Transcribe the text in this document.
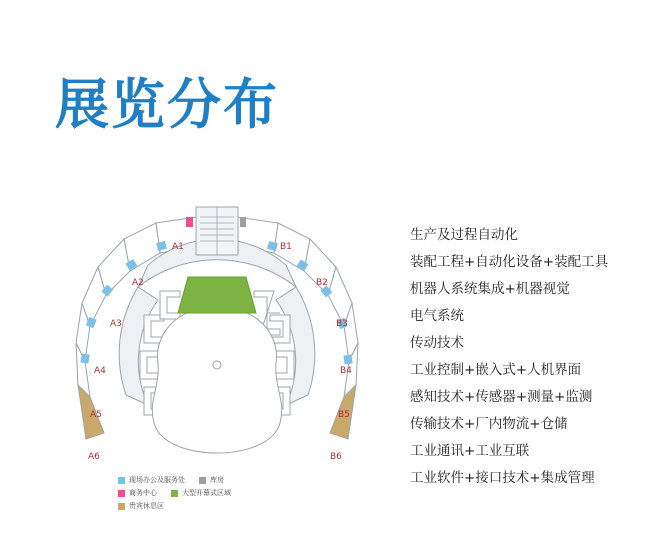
展览分布
A1
A2
A3
A4
A5
A6
B1
B2
B3
B4
B5
B6
现场办公及服务处	库房
商务中心	大型开幕式区域
贵宾休息区
生产及过程自动化
装配工程+自动化设备+装配工具
机器人系统集成+机器视觉
电气系统
传动技术
工业控制+嵌入式+人机界面
感知技术+传感器+测量+监测
传输技术+厂内物流+仓储
工业通讯+工业互联
工业软件+接口技术+集成管理
